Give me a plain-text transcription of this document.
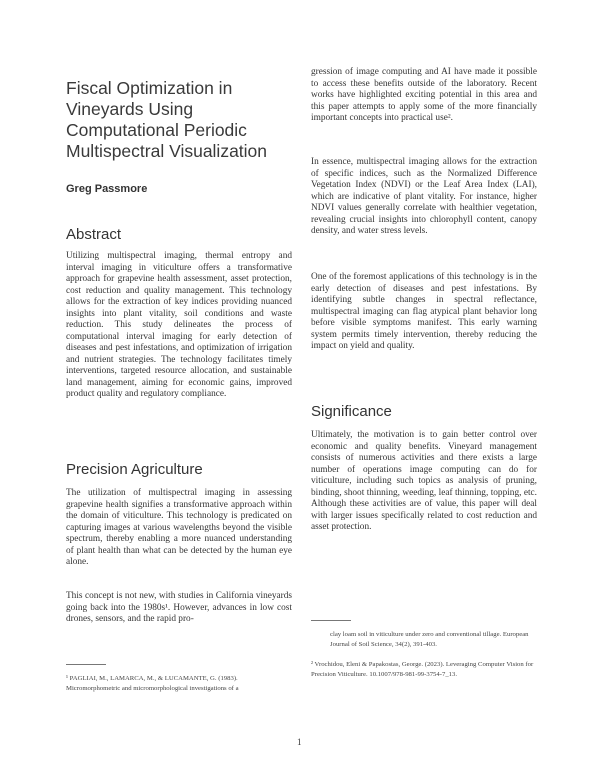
Fiscal Optimization in Vineyards Using Computational Periodic Multispectral Visualization
Greg Passmore
Abstract

Utilizing multispectral imaging, thermal entropy and interval imaging in viticulture offers a transformative approach for grapevine health assessment, asset protection, cost reduction and quality management. This technology allows for the extraction of key indices providing nuanced insights into plant vitality, soil conditions and waste reduction. This study delineates the process of computational interval imaging for early detection of diseases and pest infestations, and optimization of irrigation and nutrient strategies. The technology facilitates timely interventions, targeted resource allocation, and sustainable land management, aiming for economic gains, improved product quality and regulatory compliance.

Precision Agriculture

The utilization of multispectral imaging in assessing grapevine health signifies a transformative approach within the domain of viticulture. This technology is predicated on capturing images at various wavelengths beyond the visible spectrum, thereby enabling a more nuanced understanding of plant health than what can be detected by the human eye alone.

This concept is not new, with studies in California vineyards going back into the 1980s¹. However, advances in low cost drones, sensors, and the rapid pro-

gression of image computing and AI have made it possible to access these benefits outside of the laboratory. Recent works have highlighted exciting potential in this area and this paper attempts to apply some of the more financially important concepts into practical use².

In essence, multispectral imaging allows for the extraction of specific indices, such as the Normalized Difference Vegetation Index (NDVI) or the Leaf Area Index (LAI), which are indicative of plant vitality. For instance, higher NDVI values generally correlate with healthier vegetation, revealing crucial insights into chlorophyll content, canopy density, and water stress levels.

One of the foremost applications of this technology is in the early detection of diseases and pest infestations. By identifying subtle changes in spectral reflectance, multispectral imaging can flag atypical plant behavior long before visible symptoms manifest. This early warning system permits timely intervention, thereby reducing the impact on yield and quality.

Significance

Ultimately, the motivation is to gain better control over economic and quality benefits. Vineyard management consists of numerous activities and there exists a large number of operations image computing can do for viticulture, including such topics as analysis of pruning, binding, shoot thinning, weeding, leaf thinning, topping, etc. Although these activities are of value, this paper will deal with larger issues specifically related to cost reduction and asset protection.

¹ PAGLIAI, M., LAMARCA, M., & LUCAMANTE, G. (1983). Micromorphometric and micromorphological investigations of a
clay loam soil in viticulture under zero and conventional tillage. European Journal of Soil Science, 34(2), 391-403.
² Vrochidou, Eleni & Papakostas, George. (2023). Leveraging Computer Vision for Precision Viticulture. 10.1007/978-981-99-3754-7_13.
1
